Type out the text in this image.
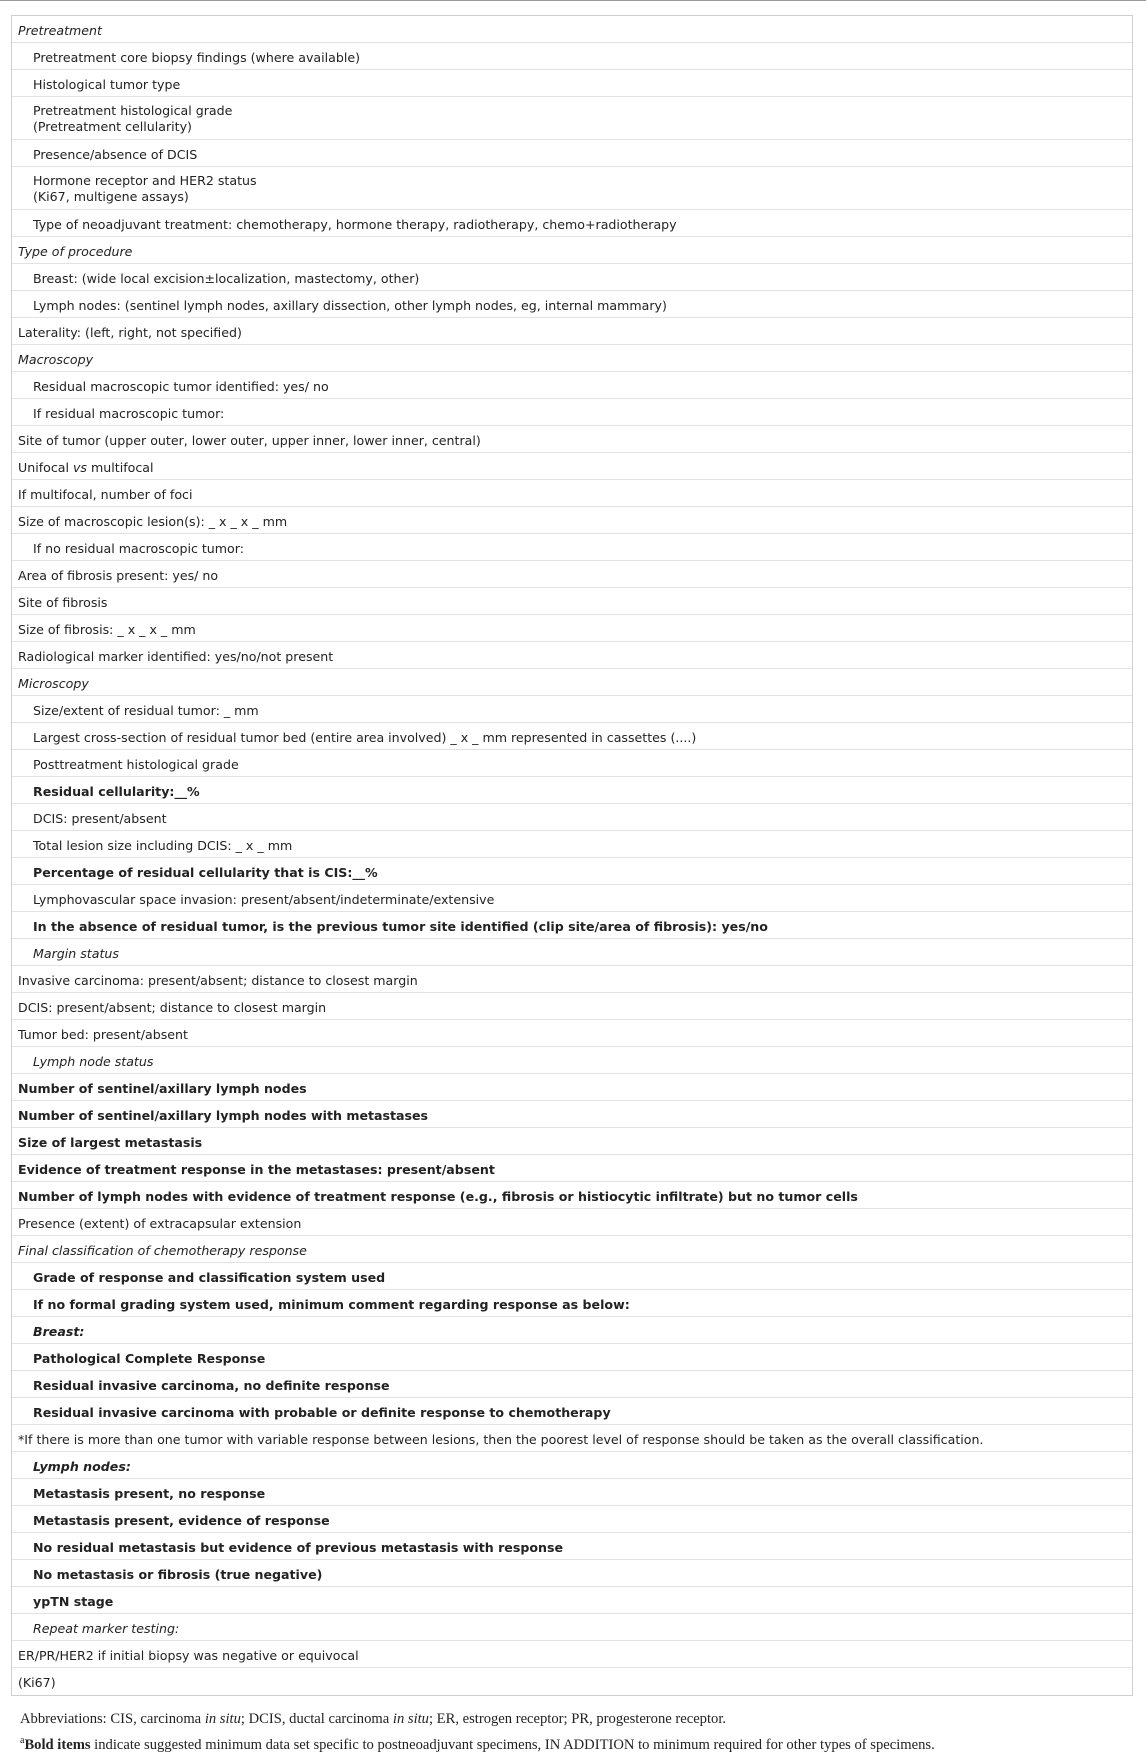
Pretreatment
Pretreatment core biopsy findings (where available)
Histological tumor type
Pretreatment histological grade
(Pretreatment cellularity)
Presence/absence of DCIS
Hormone receptor and HER2 status
(Ki67, multigene assays)
Type of neoadjuvant treatment: chemotherapy, hormone therapy, radiotherapy, chemo+radiotherapy
Type of procedure
Breast: (wide local excision±localization, mastectomy, other)
Lymph nodes: (sentinel lymph nodes, axillary dissection, other lymph nodes, eg, internal mammary)
Laterality: (left, right, not specified)
Macroscopy
Residual macroscopic tumor identified: yes/ no
If residual macroscopic tumor:
Site of tumor (upper outer, lower outer, upper inner, lower inner, central)
Unifocal vs multifocal
If multifocal, number of foci
Size of macroscopic lesion(s): _ x _ x _ mm
If no residual macroscopic tumor:
Area of fibrosis present: yes/ no
Site of fibrosis
Size of fibrosis: _ x _ x _ mm
Radiological marker identified: yes/no/not present
Microscopy
Size/extent of residual tumor: _ mm
Largest cross-section of residual tumor bed (entire area involved) _ x _ mm represented in cassettes (....)
Posttreatment histological grade
Residual cellularity:__%
DCIS: present/absent
Total lesion size including DCIS: _ x _ mm
Percentage of residual cellularity that is CIS:__%
Lymphovascular space invasion: present/absent/indeterminate/extensive
In the absence of residual tumor, is the previous tumor site identified (clip site/area of fibrosis): yes/no
Margin status
Invasive carcinoma: present/absent; distance to closest margin
DCIS: present/absent; distance to closest margin
Tumor bed: present/absent
Lymph node status
Number of sentinel/axillary lymph nodes
Number of sentinel/axillary lymph nodes with metastases
Size of largest metastasis
Evidence of treatment response in the metastases: present/absent
Number of lymph nodes with evidence of treatment response (e.g., fibrosis or histiocytic infiltrate) but no tumor cells
Presence (extent) of extracapsular extension
Final classification of chemotherapy response
Grade of response and classification system used
If no formal grading system used, minimum comment regarding response as below:
Breast:
Pathological Complete Response
Residual invasive carcinoma, no definite response
Residual invasive carcinoma with probable or definite response to chemotherapy
*If there is more than one tumor with variable response between lesions, then the poorest level of response should be taken as the overall classification.
Lymph nodes:
Metastasis present, no response
Metastasis present, evidence of response
No residual metastasis but evidence of previous metastasis with response
No metastasis or fibrosis (true negative)
ypTN stage
Repeat marker testing:
ER/PR/HER2 if initial biopsy was negative or equivocal
(Ki67)
Abbreviations: CIS, carcinoma in situ; DCIS, ductal carcinoma in situ; ER, estrogen receptor; PR, progesterone receptor.
$^a$Bold items indicate suggested minimum data set specific to postneoadjuvant specimens, IN ADDITION to minimum required for other types of specimens.
